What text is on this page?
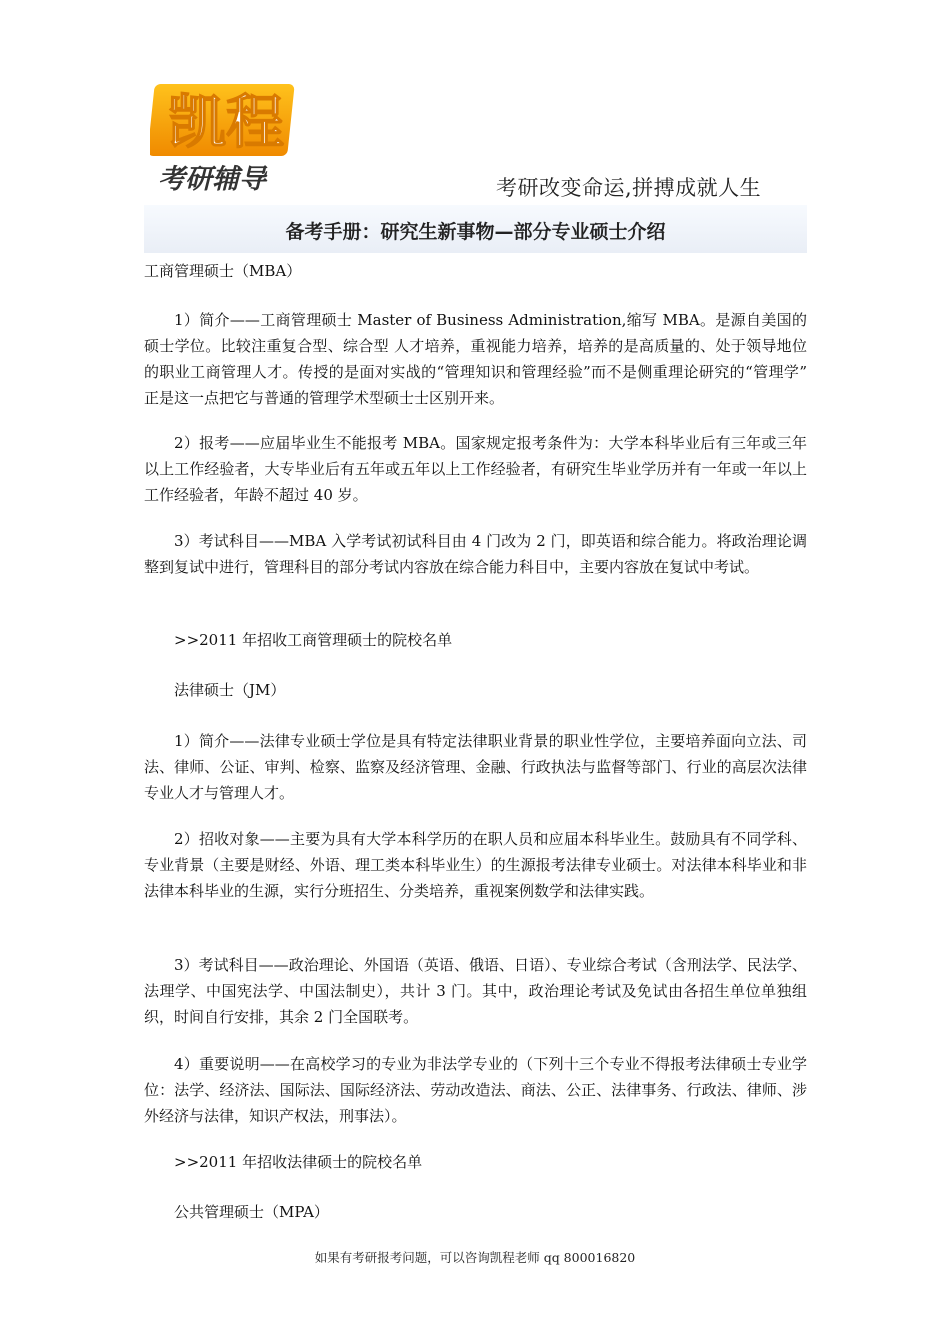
凯程
考研辅导	考研改变命运,拼搏成就人生
备考手册：研究生新事物—部分专业硕士介绍
工商管理硕士（MBA）
1）简介——工商管理硕士 Master of Business Administration,缩写 MBA。是源自美国的硕士学位。比较注重复合型、综合型 人才培养，重视能力培养，培养的是高质量的、处于领导地位的职业工商管理人才。传授的是面对实战的“管理知识和管理经验”而不是侧重理论研究的“管理学” 正是这一点把它与普通的管理学术型硕士士区别开来。
2）报考——应届毕业生不能报考 MBA。国家规定报考条件为：大学本科毕业后有三年或三年以上工作经验者，大专毕业后有五年或五年以上工作经验者，有研究生毕业学历并有一年或一年以上工作经验者，年龄不超过 40 岁。
3）考试科目——MBA 入学考试初试科目由 4 门改为 2 门，即英语和综合能力。将政治理论调整到复试中进行，管理科目的部分考试内容放在综合能力科目中，主要内容放在复试中考试。
>>2011 年招收工商管理硕士的院校名单
法律硕士（JM）
1）简介——法律专业硕士学位是具有特定法律职业背景的职业性学位，主要培养面向立法、司法、律师、公证、审判、检察、监察及经济管理、金融、行政执法与监督等部门、行业的高层次法律专业人才与管理人才。
2）招收对象——主要为具有大学本科学历的在职人员和应届本科毕业生。鼓励具有不同学科、专业背景（主要是财经、外语、理工类本科毕业生）的生源报考法律专业硕士。对法律本科毕业和非法律本科毕业的生源，实行分班招生、分类培养，重视案例数学和法律实践。
3）考试科目——政治理论、外国语（英语、俄语、日语）、专业综合考试（含刑法学、民法学、法理学、中国宪法学、中国法制史），共计 3 门。其中，政治理论考试及免试由各招生单位单独组织，时间自行安排，其余 2 门全国联考。
4）重要说明——在高校学习的专业为非法学专业的（下列十三个专业不得报考法律硕士专业学位：法学、经济法、国际法、国际经济法、劳动改造法、商法、公正、法律事务、行政法、律师、涉外经济与法律，知识产权法，刑事法）。
>>2011 年招收法律硕士的院校名单
公共管理硕士（MPA）
如果有考研报考问题，可以咨询凯程老师 qq 800016820
